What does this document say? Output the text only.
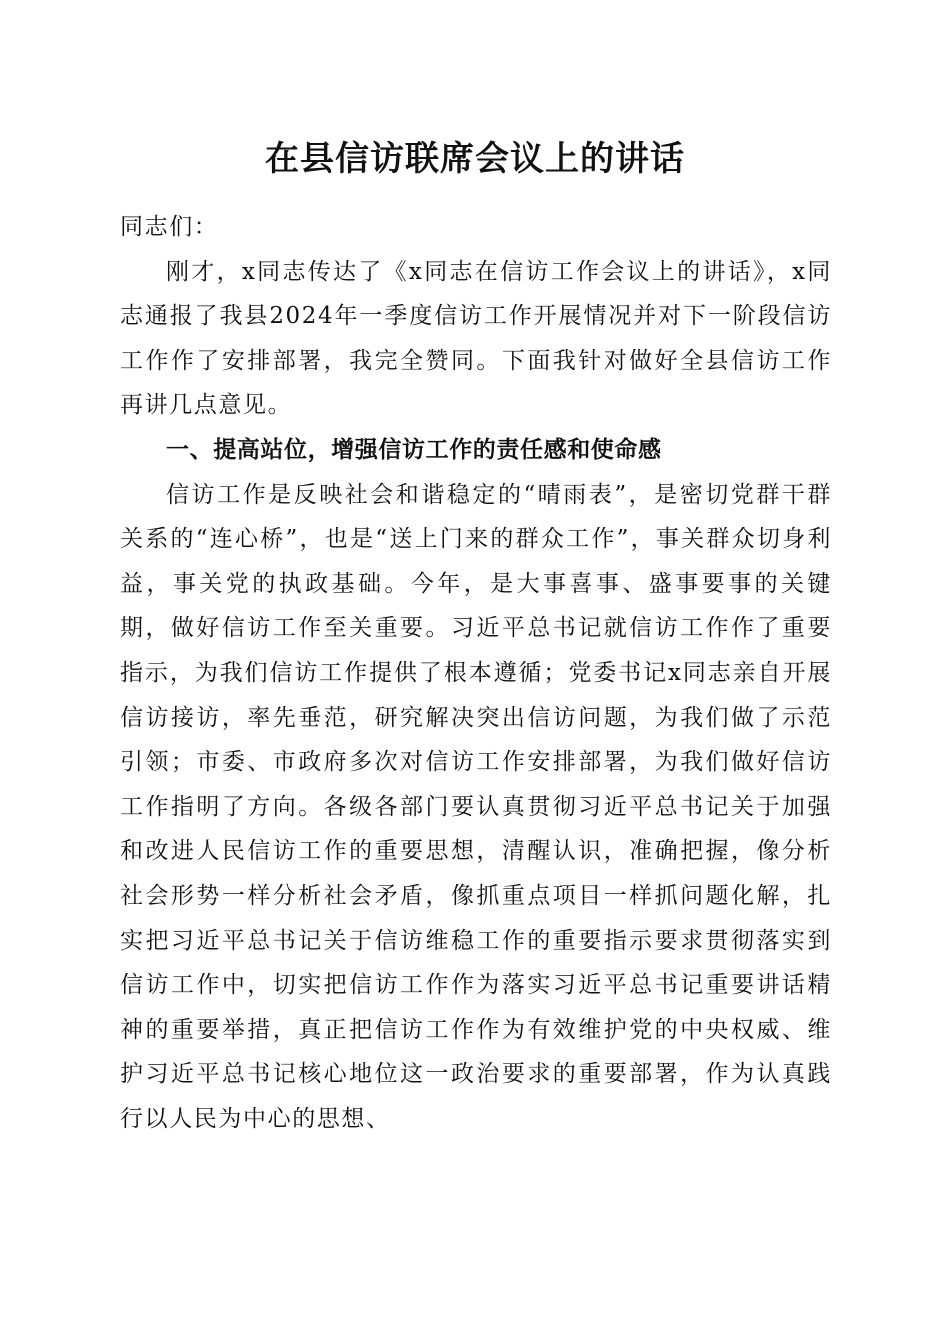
在县信访联席会议上的讲话

同志们：

刚才，x同志传达了《x同志在信访工作会议上的讲话》，x同志通报了我县2024年一季度信访工作开展情况并对下一阶段信访工作作了安排部署，我完全赞同。下面我针对做好全县信访工作再讲几点意见。

一、提高站位，增强信访工作的责任感和使命感

信访工作是反映社会和谐稳定的“晴雨表”，是密切党群干群关系的“连心桥”，也是“送上门来的群众工作”，事关群众切身利益，事关党的执政基础。今年，是大事喜事、盛事要事的关键期，做好信访工作至关重要。习近平总书记就信访工作作了重要指示，为我们信访工作提供了根本遵循；党委书记x同志亲自开展信访接访，率先垂范，研究解决突出信访问题，为我们做了示范引领；市委、市政府多次对信访工作安排部署，为我们做好信访工作指明了方向。各级各部门要认真贯彻习近平总书记关于加强和改进人民信访工作的重要思想，清醒认识，准确把握，像分析社会形势一样分析社会矛盾，像抓重点项目一样抓问题化解，扎实把习近平总书记关于信访维稳工作的重要指示要求贯彻落实到信访工作中，切实把信访工作作为落实习近平总书记重要讲话精神的重要举措，真正把信访工作作为有效维护党的中央权威、维护习近平总书记核心地位这一政治要求的重要部署，作为认真践行以人民为中心的思想、
